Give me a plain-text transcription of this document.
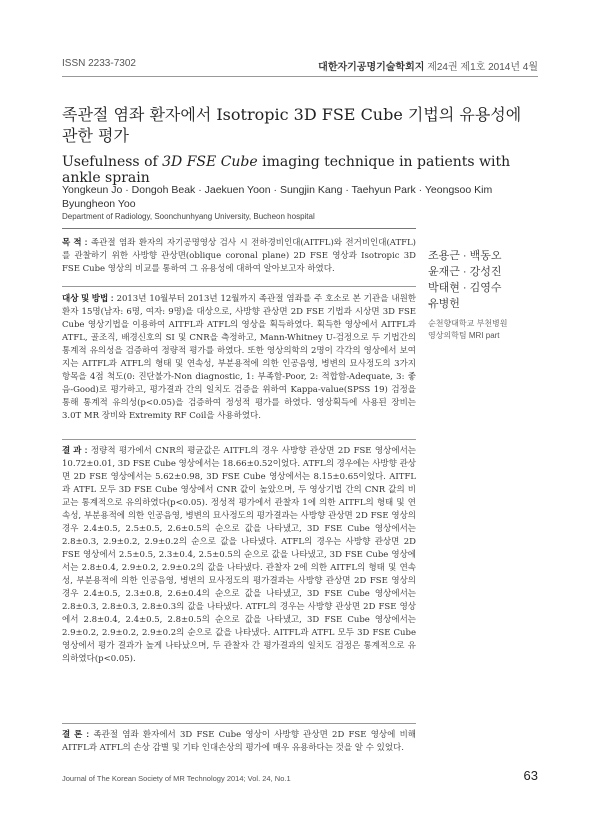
ISSN 2233-7302	대한자기공명기술학회지 제24권 제1호 2014년 4월
족관절 염좌 환자에서 Isotropic 3D FSE Cube 기법의 유용성에 관한 평가
Usefulness of 3D FSE Cube imaging technique in patients with ankle sprain
Yongkeun Jo · Dongoh Beak · Jaekuen Yoon · Sungjin Kang · Taehyun Park · Yeongsoo Kim Byungheon Yoo
Department of Radiology, Soonchunhyang University, Bucheon hospital

목 적 : 족관절 염좌 환자의 자기공명영상 검사 시 전하경비인대(AITFL)와 전거비인대(ATFL)를 관찰하기 위한 사방향 관상면(oblique coronal plane) 2D FSE 영상과 Isotropic 3D FSE Cube 영상의 비교를 통하여 그 유용성에 대하여 알아보고자 하였다.

대상 및 방법 : 2013년 10월부터 2013년 12월까지 족관절 염좌를 주 호소로 본 기관을 내원한 환자 15명(남자: 6명, 여자: 9명)을 대상으로, 사방향 관상면 2D FSE 기법과 시상면 3D FSE Cube 영상기법을 이용하여 AITFL과 ATFL의 영상을 획득하였다. 획득한 영상에서 AITFL과 ATFL, 골조직, 배경신호의 SI 및 CNR을 측정하고, Mann-Whitney U-검정으로 두 기법간의 통계적 유의성을 검증하여 정량적 평가를 하였다. 또한 영상의학의 2명이 각각의 영상에서 보여지는 AITFL과 ATFL의 형태 및 연속성, 부분용적에 의한 인공음영, 병변의 묘사정도의 3가지 항목을 4점 척도(0: 진단불가-Non diagnostic, 1: 부족함-Poor, 2: 적합함-Adequate, 3: 좋음-Good)로 평가하고, 평가결과 간의 일치도 검증을 위하여 Kappa-value(SPSS 19) 검정을 통해 통계적 유의성(p<0.05)을 검증하여 정성적 평가를 하였다. 영상획득에 사용된 장비는 3.0T MR 장비와 Extremity RF Coil을 사용하였다.

결 과 : 정량적 평가에서 CNR의 평균값은 AITFL의 경우 사방향 관상면 2D FSE 영상에서는 10.72±0.01, 3D FSE Cube 영상에서는 18.66±0.52이었다. ATFL의 경우에는 사방향 관상면 2D FSE 영상에서는 5.62±0.98, 3D FSE Cube 영상에서는 8.15±0.65이었다. AITFL과 ATFL 모두 3D FSE Cube 영상에서 CNR 값이 높았으며, 두 영상기법 간의 CNR 값의 비교는 통계적으로 유의하였다(p<0.05). 정성적 평가에서 관찰자 1에 의한 AITFL의 형태 및 연속성, 부분용적에 의한 인공음영, 병변의 묘사정도의 평가결과는 사방향 관상면 2D FSE 영상의 경우 2.4±0.5, 2.5±0.5, 2.6±0.5의 순으로 값을 나타냈고, 3D FSE Cube 영상에서는 2.8±0.3, 2.9±0.2, 2.9±0.2의 순으로 값을 나타냈다. ATFL의 경우는 사방향 관상면 2D FSE 영상에서 2.5±0.5, 2.3±0.4, 2.5±0.5의 순으로 값을 나타냈고, 3D FSE Cube 영상에서는 2.8±0.4, 2.9±0.2, 2.9±0.2의 값을 나타냈다. 관찰자 2에 의한 AITFL의 형태 및 연속성, 부분용적에 의한 인공음영, 병변의 묘사정도의 평가결과는 사방향 관상면 2D FSE 영상의 경우 2.4±0.5, 2.3±0.8, 2.6±0.4의 순으로 값을 나타냈고, 3D FSE Cube 영상에서는 2.8±0.3, 2.8±0.3, 2.8±0.3의 값을 나타냈다. ATFL의 경우는 사방향 관상면 2D FSE 영상에서 2.8±0.4, 2.4±0.5, 2.8±0.5의 순으로 값을 나타냈고, 3D FSE Cube 영상에서는 2.9±0.2, 2.9±0.2, 2.9±0.2의 순으로 값을 나타냈다. AITFL과 ATFL 모두 3D FSE Cube 영상에서 평가 결과가 높게 나타났으며, 두 관찰자 간 평가결과의 일치도 검정은 통계적으로 유의하였다(p<0.05).

결 론 : 족관절 염좌 환자에서 3D FSE Cube 영상이 사방향 관상면 2D FSE 영상에 비해 AITFL과 ATFL의 손상 감별 및 기타 인대손상의 평가에 매우 유용하다는 것을 알 수 있었다.

조용근 · 백동오

윤재근 · 강성진

박태현 · 김영수

유병헌

순천향대학교 부천병원
영상의학팀 MRI part

Journal of The Korean Society of MR Technology 2014; Vol. 24, No.1	63
